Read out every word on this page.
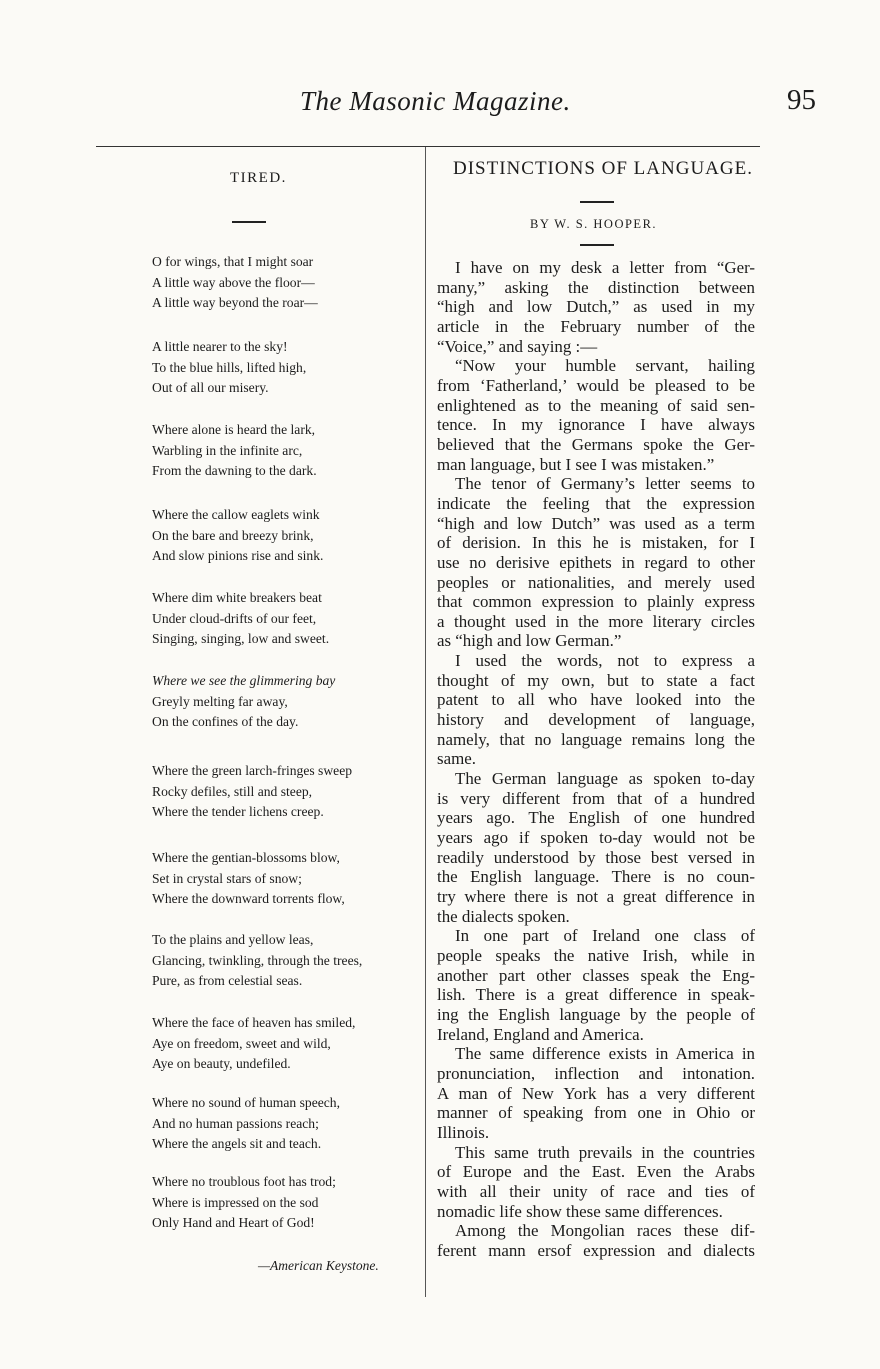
The Masonic Magazine.	95
TIRED.
O for wings, that I might soar
A little way above the floor—
A little way beyond the roar—
A little nearer to the sky!
To the blue hills, lifted high,
Out of all our misery.
Where alone is heard the lark,
Warbling in the infinite arc,
From the dawning to the dark.
Where the callow eaglets wink
On the bare and breezy brink,
And slow pinions rise and sink.
Where dim white breakers beat
Under cloud-drifts of our feet,
Singing, singing, low and sweet.
Where we see the glimmering bay
Greyly melting far away,
On the confines of the day.
Where the green larch-fringes sweep
Rocky defiles, still and steep,
Where the tender lichens creep.
Where the gentian-blossoms blow,
Set in crystal stars of snow;
Where the downward torrents flow,
To the plains and yellow leas,
Glancing, twinkling, through the trees,
Pure, as from celestial seas.
Where the face of heaven has smiled,
Aye on freedom, sweet and wild,
Aye on beauty, undefiled.
Where no sound of human speech,
And no human passions reach;
Where the angels sit and teach.
Where no troublous foot has trod;
Where is impressed on the sod
Only Hand and Heart of God!
—American Keystone.
DISTINCTIONS OF LANGUAGE.
BY W. S. HOOPER.
I have on my desk a letter from “Ger-
many,” asking the distinction between
“high and low Dutch,” as used in my
article in the February number of the
“Voice,” and saying :—
“Now your humble servant, hailing
from ‘Fatherland,’ would be pleased to be
enlightened as to the meaning of said sen-
tence. In my ignorance I have always
believed that the Germans spoke the Ger-
man language, but I see I was mistaken.”
The tenor of Germany’s letter seems to
indicate the feeling that the expression
“high and low Dutch” was used as a term
of derision. In this he is mistaken, for I
use no derisive epithets in regard to other
peoples or nationalities, and merely used
that common expression to plainly express
a thought used in the more literary circles
as “high and low German.”
I used the words, not to express a
thought of my own, but to state a fact
patent to all who have looked into the
history and development of language,
namely, that no language remains long the
same.
The German language as spoken to-day
is very different from that of a hundred
years ago. The English of one hundred
years ago if spoken to-day would not be
readily understood by those best versed in
the English language. There is no coun-
try where there is not a great difference in
the dialects spoken.
In one part of Ireland one class of
people speaks the native Irish, while in
another part other classes speak the Eng-
lish. There is a great difference in speak-
ing the English language by the people of
Ireland, England and America.
The same difference exists in America in
pronunciation, inflection and intonation.
A man of New York has a very different
manner of speaking from one in Ohio or
Illinois.
This same truth prevails in the countries
of Europe and the East. Even the Arabs
with all their unity of race and ties of
nomadic life show these same differences.
Among the Mongolian races these dif-
ferent mann ersof expression and dialects
